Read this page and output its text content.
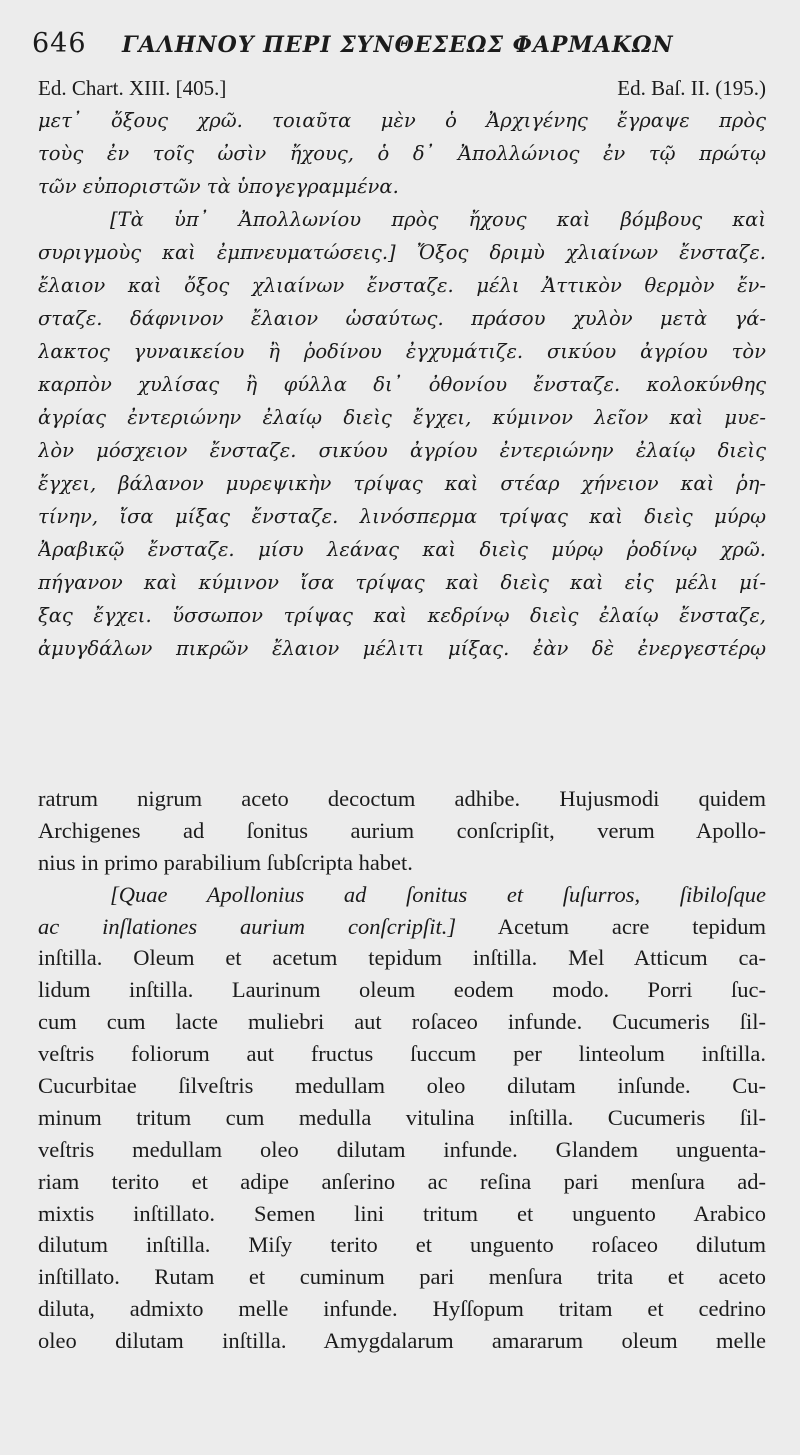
646 ΓΑΛΗΝΟΥ ΠΕΡΙ ΣΥΝΘΕΣΕΩΣ ΦΑΡΜΑΚΩΝ
Ed. Chart. XIII. [405.]	Ed. Baſ. II. (195.)
μετ᾿ ὄξους χρῶ. τοιαῦτα μὲν ὁ Ἀρχιγένης ἔγραψε πρὸς
τοὺς ἐν τοῖς ὠσὶν ἤχους, ὁ δ᾿ Ἀπολλώνιος ἐν τῷ πρώτῳ
τῶν εὐποριστῶν τὰ ὑπογεγραμμένα.
[Τὰ ὑπ᾿ Ἀπολλωνίου πρὸς ἤχους καὶ βόμβους καὶ
συριγμοὺς καὶ ἐμπνευματώσεις.] Ὄξος δριμὺ χλιαίνων ἔνσταζε.
ἔλαιον καὶ ὄξος χλιαίνων ἔνσταζε. μέλι Ἀττικὸν θερμὸν ἔν-
σταζε. δάφνινον ἔλαιον ὡσαύτως. πράσου χυλὸν μετὰ γά-
λακτος γυναικείου ἢ ῥοδίνου ἐγχυμάτιζε. σικύου ἀγρίου τὸν
καρπὸν χυλίσας ἢ φύλλα δι᾿ ὀθονίου ἔνσταζε. κολοκύνθης
ἀγρίας ἐντεριώνην ἐλαίῳ διεὶς ἔγχει, κύμινον λεῖον καὶ μυε-
λὸν μόσχειον ἔνσταζε. σικύου ἀγρίου ἐντεριώνην ἐλαίῳ διεὶς
ἔγχει, βάλανον μυρεψικὴν τρίψας καὶ στέαρ χήνειον καὶ ῥη-
τίνην, ἴσα μίξας ἔνσταζε. λινόσπερμα τρίψας καὶ διεὶς μύρῳ
Ἀραβικῷ ἔνσταζε. μίσυ λεάνας καὶ διεὶς μύρῳ ῥοδίνῳ χρῶ.
πήγανον καὶ κύμινον ἴσα τρίψας καὶ διεὶς καὶ εἰς μέλι μί-
ξας ἔγχει. ὕσσωπον τρίψας καὶ κεδρίνῳ διεὶς ἐλαίῳ ἔνσταζε,
ἀμυγδάλων πικρῶν ἔλαιον μέλιτι μίξας. ἐὰν δὲ ἐνεργεστέρῳ
ratrum nigrum aceto decoctum adhibe. Hujusmodi quidem
Archigenes ad ſonitus aurium conſcripſit, verum Apollo-
nius in primo parabilium ſubſcripta habet.
[Quae Apollonius ad ſonitus et ſuſurros, ſibiloſque
ac inſlationes aurium conſcripſit.] Acetum acre tepidum
inſtilla. Oleum et acetum tepidum inſtilla. Mel Atticum ca-
lidum inſtilla. Laurinum oleum eodem modo. Porri ſuc-
cum cum lacte muliebri aut roſaceo infunde. Cucumeris ſil-
veſtris foliorum aut fructus ſuccum per linteolum inſtilla.
Cucurbitae ſilveſtris medullam oleo dilutam inſunde. Cu-
minum tritum cum medulla vitulina inſtilla. Cucumeris ſil-
veſtris medullam oleo dilutam infunde. Glandem unguenta-
riam terito et adipe anſerino ac reſina pari menſura ad-
mixtis inſtillato. Semen lini tritum et unguento Arabico
dilutum inſtilla. Miſy terito et unguento roſaceo dilutum
inſtillato. Rutam et cuminum pari menſura trita et aceto
diluta, admixto melle infunde. Hyſſopum tritam et cedrino
oleo dilutam inſtilla. Amygdalarum amararum oleum melle
